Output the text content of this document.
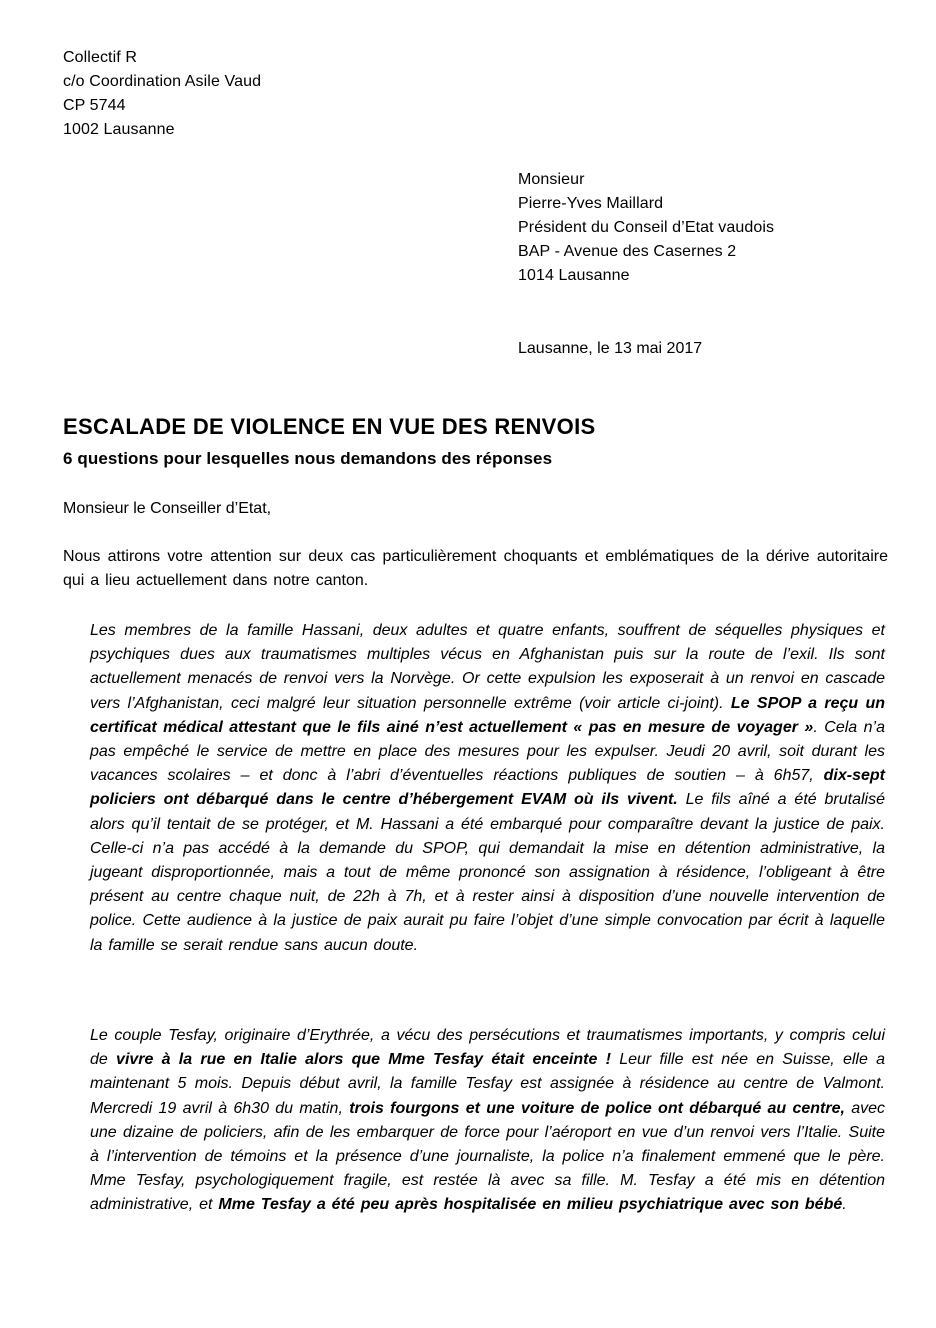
Collectif R
c/o Coordination Asile Vaud
CP 5744
1002 Lausanne
Monsieur
Pierre-Yves Maillard
Président du Conseil d’Etat vaudois
BAP - Avenue des Casernes 2
1014 Lausanne
Lausanne, le 13 mai 2017
ESCALADE DE VIOLENCE EN VUE DES RENVOIS
6 questions pour lesquelles nous demandons des réponses
Monsieur le Conseiller d’Etat,
Nous attirons votre attention sur deux cas particulièrement choquants et emblématiques de la dérive autoritaire qui a lieu actuellement dans notre canton.
Les membres de la famille Hassani, deux adultes et quatre enfants, souffrent de séquelles physiques et psychiques dues aux traumatismes multiples vécus en Afghanistan puis sur la route de l’exil. Ils sont actuellement menacés de renvoi vers la Norvège. Or cette expulsion les exposerait à un renvoi en cascade vers l’Afghanistan, ceci malgré leur situation personnelle extrême (voir article ci-joint). Le SPOP a reçu un certificat médical attestant que le fils ainé n’est actuellement « pas en mesure de voyager ». Cela n’a pas empêché le service de mettre en place des mesures pour les expulser. Jeudi 20 avril, soit durant les vacances scolaires – et donc à l’abri d’éventuelles réactions publiques de soutien – à 6h57, dix-sept policiers ont débarqué dans le centre d’hébergement EVAM où ils vivent. Le fils aîné a été brutalisé alors qu’il tentait de se protéger, et M. Hassani a été embarqué pour comparaître devant la justice de paix. Celle-ci n’a pas accédé à la demande du SPOP, qui demandait la mise en détention administrative, la jugeant disproportionnée, mais a tout de même prononcé son assignation à résidence, l’obligeant à être présent au centre chaque nuit, de 22h à 7h, et à rester ainsi à disposition d’une nouvelle intervention de police. Cette audience à la justice de paix aurait pu faire l’objet d’une simple convocation par écrit à laquelle la famille se serait rendue sans aucun doute.
Le couple Tesfay, originaire d’Erythrée, a vécu des persécutions et traumatismes importants, y compris celui de vivre à la rue en Italie alors que Mme Tesfay était enceinte ! Leur fille est née en Suisse, elle a maintenant 5 mois. Depuis début avril, la famille Tesfay est assignée à résidence au centre de Valmont. Mercredi 19 avril à 6h30 du matin, trois fourgons et une voiture de police ont débarqué au centre, avec une dizaine de policiers, afin de les embarquer de force pour l’aéroport en vue d’un renvoi vers l’Italie. Suite à l’intervention de témoins et la présence d’une journaliste, la police n’a finalement emmené que le père. Mme Tesfay, psychologiquement fragile, est restée là avec sa fille. M. Tesfay a été mis en détention administrative, et Mme Tesfay a été peu après hospitalisée en milieu psychiatrique avec son bébé.
